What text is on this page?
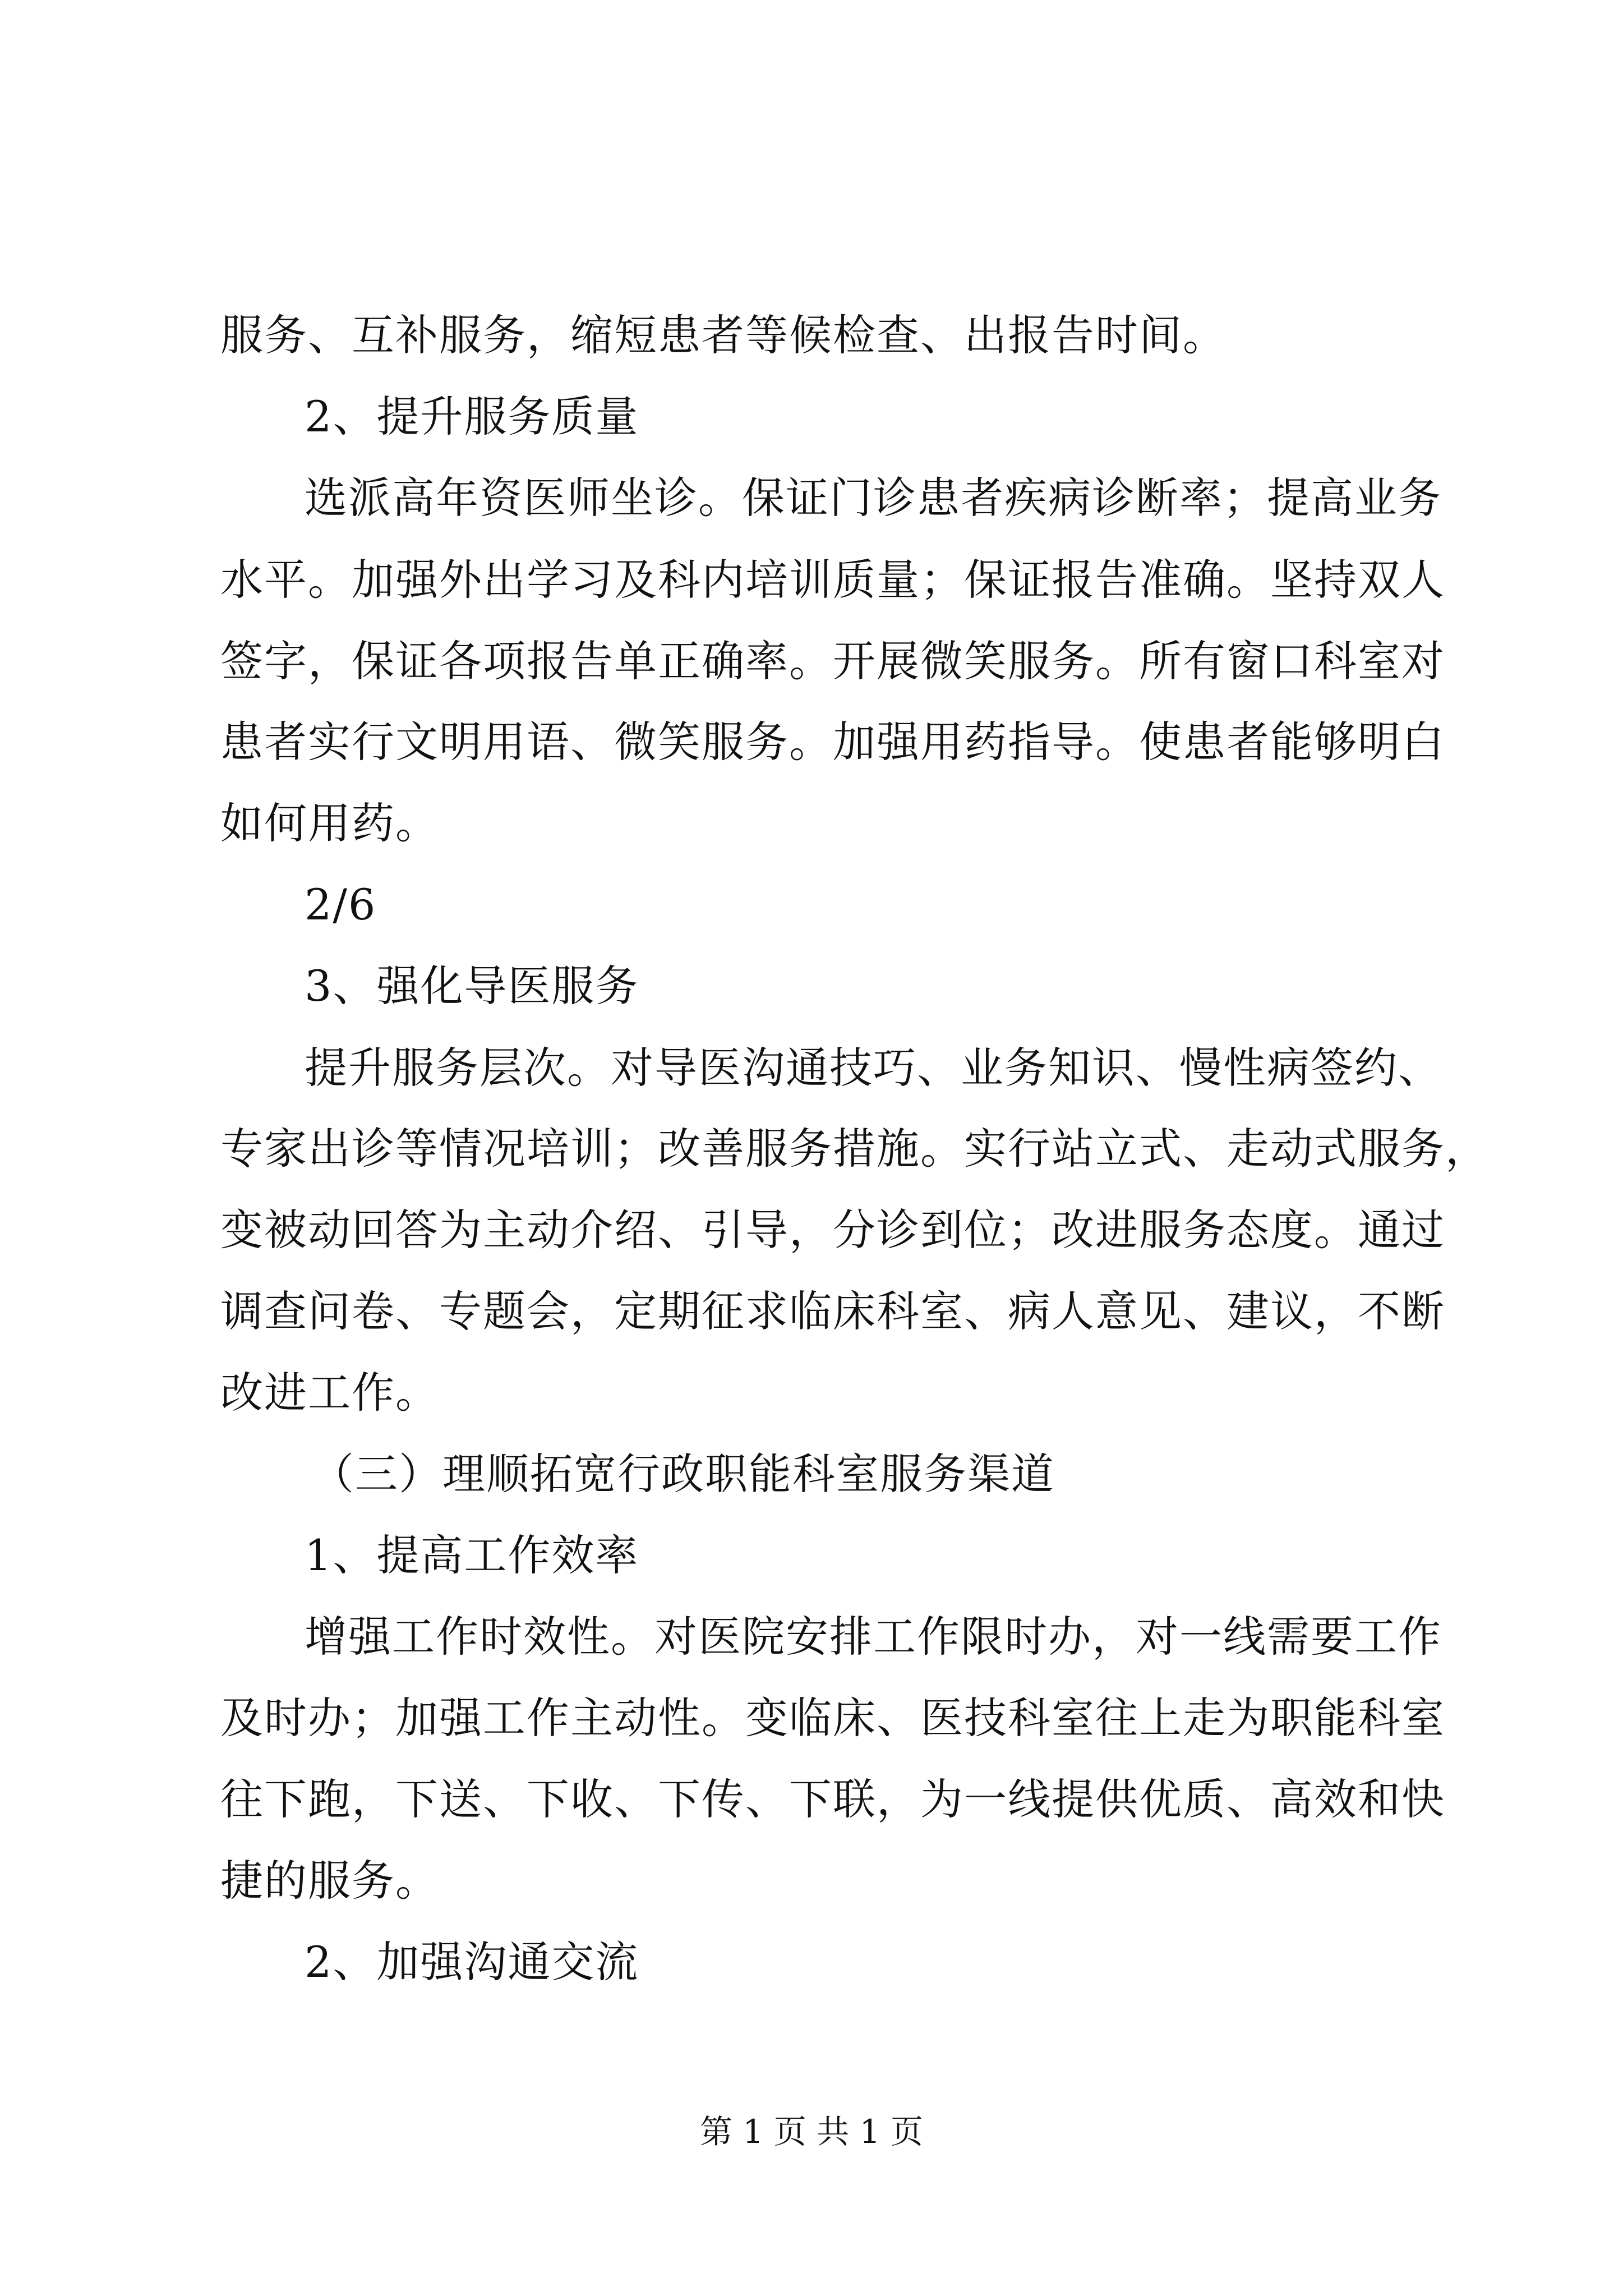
服务、互补服务，缩短患者等候检查、出报告时间。
2、提升服务质量
选派高年资医师坐诊。保证门诊患者疾病诊断率；提高业务
水平。加强外出学习及科内培训质量；保证报告准确。坚持双人
签字，保证各项报告单正确率。开展微笑服务。所有窗口科室对
患者实行文明用语、微笑服务。加强用药指导。使患者能够明白
如何用药。
2/6
3、强化导医服务
提升服务层次。对导医沟通技巧、业务知识、慢性病签约、
专家出诊等情况培训；改善服务措施。实行站立式、走动式服务，
变被动回答为主动介绍、引导，分诊到位；改进服务态度。通过
调查问卷、专题会，定期征求临床科室、病人意见、建议，不断
改进工作。
（三）理顺拓宽行政职能科室服务渠道
1、提高工作效率
增强工作时效性。对医院安排工作限时办，对一线需要工作
及时办；加强工作主动性。变临床、医技科室往上走为职能科室
往下跑，下送、下收、下传、下联，为一线提供优质、高效和快
捷的服务。
2、加强沟通交流
第 1 页 共 1 页
